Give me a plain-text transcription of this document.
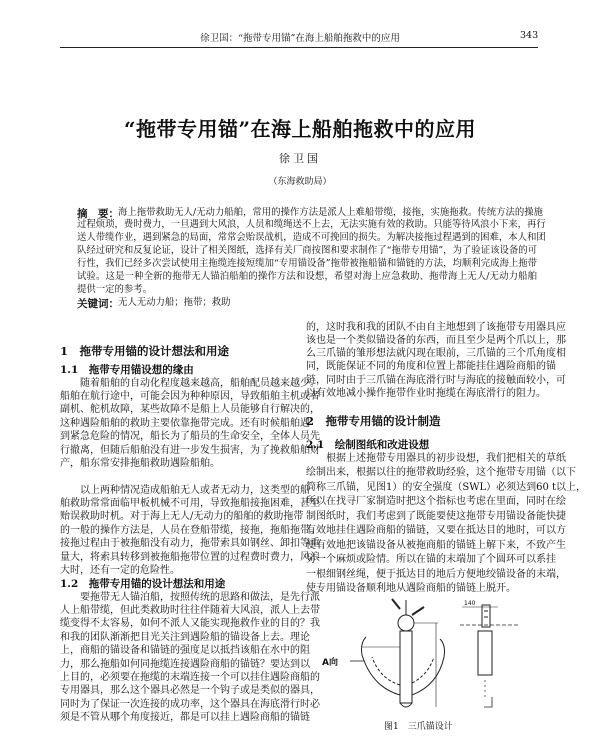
徐卫国：“拖带专用锚”在海上船舶拖救中的应用	343
“拖带专用锚”在海上船舶拖救中的应用
徐卫国
（东海救助局）
摘　要： 海上拖带救助无人/无动力船舶，常用的操作方法是派人上难船带缆，接拖，实施拖救。传统方法的操施
过程烦琐，费时费力，一旦遇到大风浪，人员和缆绳送不上去，无法实施有效的救助。只能等待风浪小下来，再行
送人带缆作业，遇到紧急的局面，常常会贻误战机，造成不可挽回的损失。为解决接拖过程遇到的困难，本人和团
队经过研究和反复论证，设计了相关图纸，选择有关厂商按图和要求制作了“拖带专用锚”，为了验证该设备的可
行性，我们已经多次尝试使用主拖缆连接短缆加“专用锚设备”拖带被拖船锚和锚链的方法，均顺利完成海上拖带
试验。这是一种全新的拖带无人锚泊船舶的操作方法和设想，希望对海上应急救助、拖带海上无人/无动力船舶
提供一定的参考。
关键词： 无人无动力船；拖带；救助
1　拖带专用锚的设计想法和用途
1.1　拖带专用锚设想的缘由
随着船舶的自动化程度越来越高，船舶配员越来越少。
船舶在航行途中，可能会因为种种原因，导致船舶主机或者
副机、舵机故障，某些故障不是船上人员能够自行解决的，
这种遇险船舶的救助主要依靠拖带完成。还有时候船舶遇
到紧急危险的情况，船长为了船员的生命安全，全体人员先
行撤离，但随后船舶没有进一步发生损害，为了挽救船舶财
产，船东常安排拖船救助遇险船舶。
以上两种情况造成船舶无人或者无动力，这类型的船
舶救助常常面临甲板机械不可用，导致拖船接拖困难，甚至
贻误救助时机。对于海上无人/无动力的船舶的救助拖带
的一般的操作方法是，人员在登船带缆，接拖，拖船拖带。
接拖过程由于被拖船没有动力，拖带索具如钢丝、卸扣等重
量大，将索具转移到被拖船拖带位置的过程费时费力，风浪
大时，还有一定的危险性。
1.2　拖带专用锚的设计想法和用途
要拖带无人锚泊船，按照传统的思路和做法，是先行派
人上船带缆，但此类救助时往往伴随着大风浪，派人上去带
缆变得不太容易，如何不派人又能实现拖救作业的目的？我
和我的团队渐渐把目光关注到遇险船的锚设备上去。理论
上，商船的锚设备和锚链的强度足以抵挡该船在水中的阻
力，那么拖船如何同拖缆连接遇险商船的锚链？要达到以
上目的，必须要在拖缆的末端连接一个可以挂住遇险商船的
专用器具，那么这个器具必然是一个钩子或是类似的器具，
同时为了保证一次连接的成功率，这个器具在海底滑行时必
须是不管从哪个角度接近，都是可以挂上遇险商船的锚链
的，这时我和我的团队不由自主地想到了该拖带专用器具应
该也是一个类似锚设备的东西，而且至少是两个爪以上，那
么三爪锚的雏形想法就闪现在眼前，三爪锚的三个爪角度相
同，既能保证不同的角度和位置上都能挂住遇险商船的锚
链，同时由于三爪锚在海底滑行时与海底的接触面较小，可
以有效地减小操作拖带作业时拖缆在海底滑行的阻力。
2　拖带专用锚的设计制造
2.1　绘制图纸和改进设想
根据上述拖带专用器具的初步设想，我们把相关的草纸
绘制出来，根据以往的拖带救助经验，这个拖带专用锚（以下
简称三爪锚，见图1）的安全强度（SWL）必须达到60 t以上，
所以在找寻厂家制造时把这个指标也考虑在里面，同时在绘
制图纸时，我们考虑到了既能要使这拖带专用锚设备能快捷
有效地挂住遇险商船的锚链，又要在抵达目的地时，可以方
便有效地把该锚设备从被拖商船的锚链上解下来，不致产生
另一个麻烦或险情。所以在锚的末端加了个圆环可以系挂
一根细钢丝绳，便于抵达目的地后方便地绞锚设备的末端，
使专用锚设备顺利地从遇险商船的锚链上脱开。
A向
140
图1　三爪锚设计
